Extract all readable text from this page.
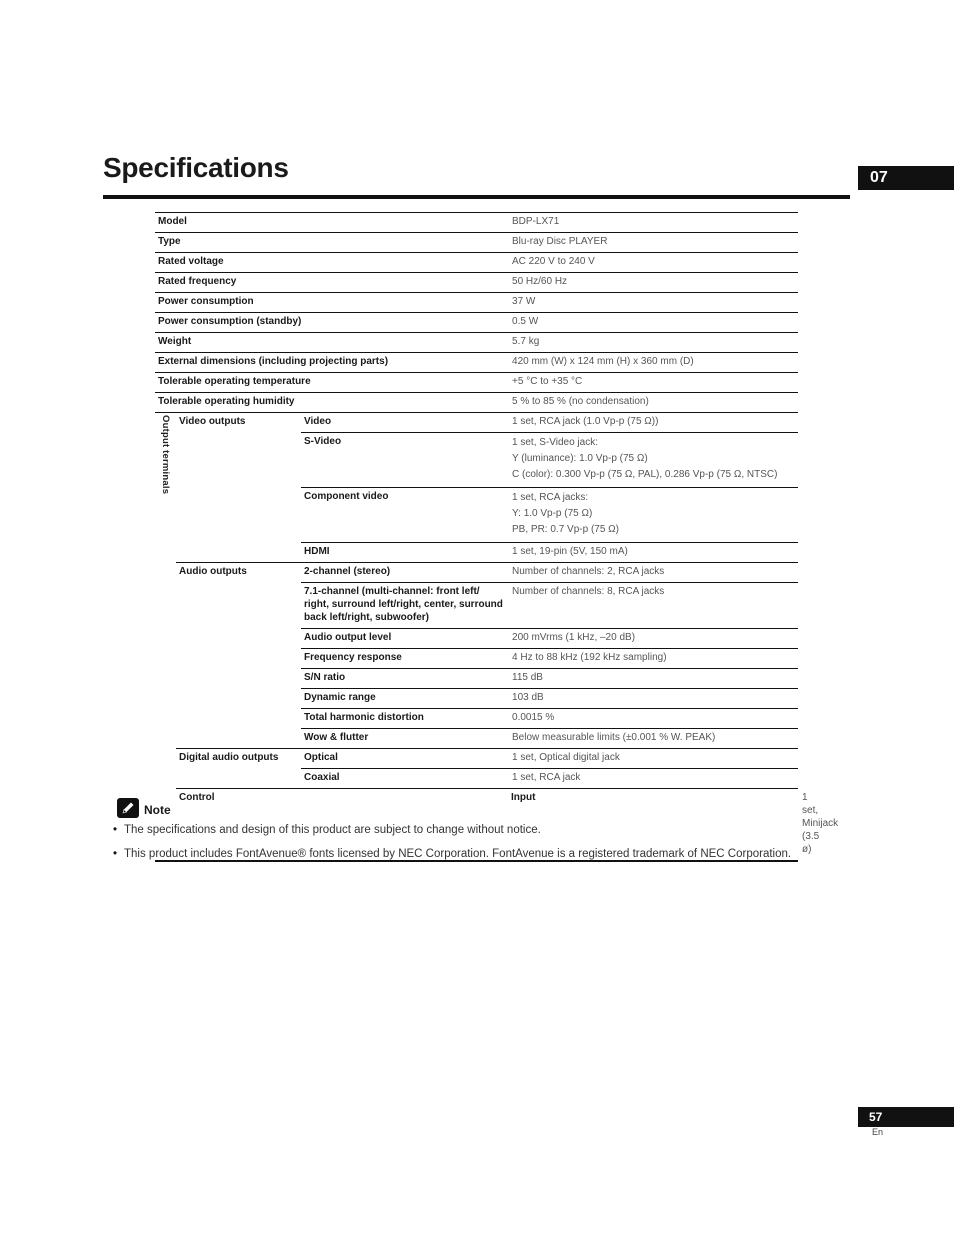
Specifications	07
Model			BDP-LX71	
Type			Blu-ray Disc PLAYER	
Rated voltage			AC 220 V to 240 V	
Rated frequency			50 Hz/60 Hz	
Power consumption			37 W	
Power consumption (standby)			0.5 W	
Weight			5.7 kg	
External dimensions (including projecting parts)			420 mm (W) x 124 mm (H) x 360 mm (D)	
Tolerable operating temperature			+5 °C to +35 °C	
Tolerable operating humidity			5 % to 85 % (no condensation)	

Output terminals	Video outputs	Video	1 set, RCA jack (1.0 Vp-p (75 Ω))	
		S-Video	1 set, S-Video jack:
Y (luminance): 1.0 Vp-p (75 Ω)
C (color): 0.300 Vp-p (75 Ω, PAL), 0.286 Vp-p (75 Ω, NTSC)	

		Component video	1 set, RCA jacks:
Y: 1.0 Vp-p (75 Ω)
PB, PR: 0.7 Vp-p (75 Ω)	

		HDMI	1 set, 19-pin (5V, 150 mA)	
	Audio outputs	2-channel (stereo)	Number of channels: 2, RCA jacks	
		7.1-channel (multi-channel: front left/ right, surround left/right, center, surround back left/right, subwoofer)	Number of channels: 8, RCA jacks	
		Audio output level	200 mVrms (1 kHz, –20 dB)	
		Frequency response	4 Hz to 88 kHz (192 kHz sampling)	
		S/N ratio	115 dB	
		Dynamic range	103 dB	
		Total harmonic distortion	0.0015 %	
		Wow & flutter	Below measurable limits (±0.001 % W. PEAK)	
	Digital audio outputs	Optical	1 set, Optical digital jack	
		Coaxial	1 set, RCA jack	
	Control		Input	1 set, Minijack (3.5 ø)
Note
• The specifications and design of this product are subject to change without notice.
• This product includes FontAvenue® fonts licensed by NEC Corporation. FontAvenue is a registered trademark of NEC Corporation.
57
En
